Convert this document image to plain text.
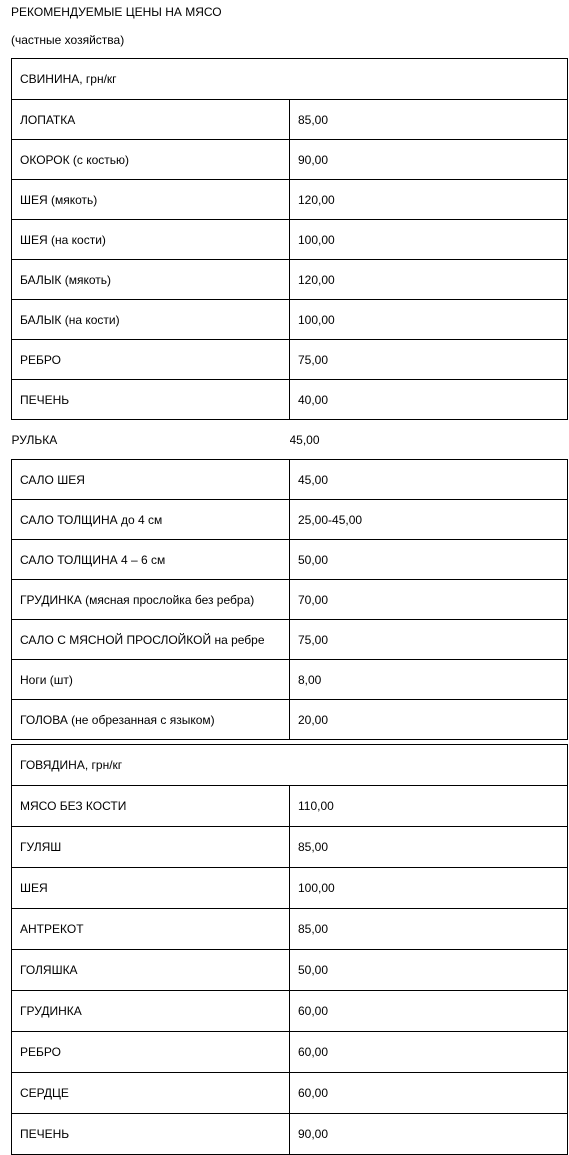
РЕКОМЕНДУЕМЫЕ ЦЕНЫ НА МЯСО
(частные хозяйства)
СВИНИНА, грн/кг	
ЛОПАТКА	85,00
ОКОРОК (с костью)	90,00
ШЕЯ (мякоть)	120,00
ШЕЯ (на кости)	100,00
БАЛЫК (мякоть)	120,00
БАЛЫК (на кости)	100,00
РЕБРО	75,00
ПЕЧЕНЬ	40,00
РУЛЬКА	45,00
САЛО ШЕЯ	45,00
САЛО ТОЛЩИНА до 4 см	25,00-45,00
САЛО ТОЛЩИНА 4 – 6 см	50,00
ГРУДИНКА (мясная прослойка без ребра)	70,00
САЛО С МЯСНОЙ ПРОСЛОЙКОЙ на ребре	75,00
Ноги (шт)	8,00
ГОЛОВА (не обрезанная с языком)	20,00
ГОВЯДИНА, грн/кг	
МЯСО БЕЗ КОСТИ	110,00
ГУЛЯШ	85,00
ШЕЯ	100,00
АНТРЕКОТ	85,00
ГОЛЯШКА	50,00
ГРУДИНКА	60,00
РЕБРО	60,00
СЕРДЦЕ	60,00
ПЕЧЕНЬ	90,00
